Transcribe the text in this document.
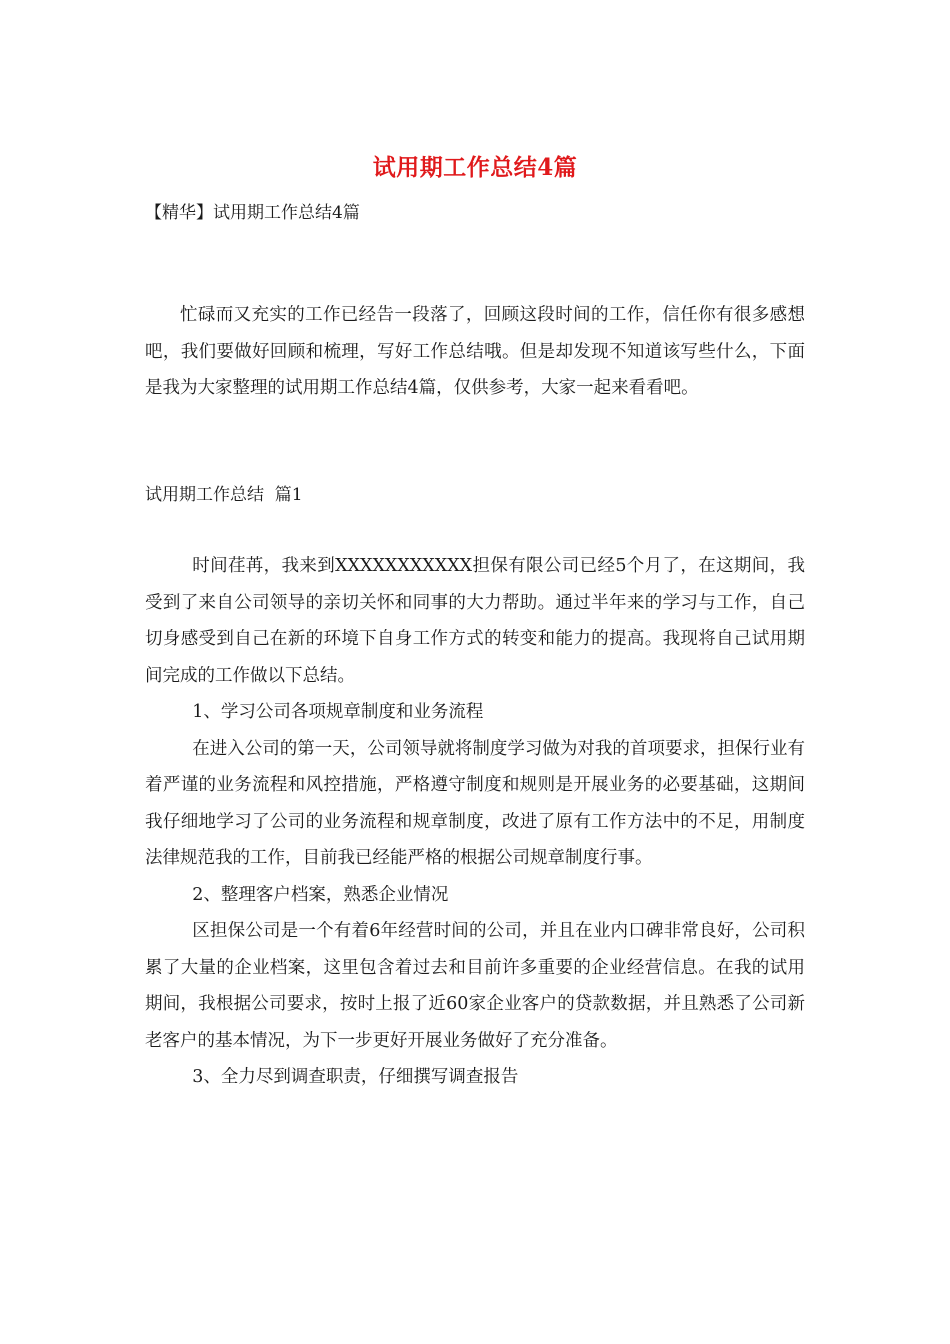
试用期工作总结4篇
【精华】试用期工作总结4篇

忙碌而又充实的工作已经告一段落了，回顾这段时间的工作，信任你有很多感想吧，我们要做好回顾和梳理，写好工作总结哦。但是却发现不知道该写些什么，下面是我为大家整理的试用期工作总结4篇，仅供参考，大家一起来看看吧。

试用期工作总结  篇1

时间荏苒，我来到XXXXXXXXXXX担保有限公司已经5个月了，在这期间，我受到了来自公司领导的亲切关怀和同事的大力帮助。通过半年来的学习与工作，自己切身感受到自己在新的环境下自身工作方式的转变和能力的提高。我现将自己试用期间完成的工作做以下总结。

1、学习公司各项规章制度和业务流程

在进入公司的第一天，公司领导就将制度学习做为对我的首项要求，担保行业有着严谨的业务流程和风控措施，严格遵守制度和规则是开展业务的必要基础，这期间我仔细地学习了公司的业务流程和规章制度，改进了原有工作方法中的不足，用制度法律规范我的工作，目前我已经能严格的根据公司规章制度行事。

2、整理客户档案，熟悉企业情况

区担保公司是一个有着6年经营时间的公司，并且在业内口碑非常良好，公司积累了大量的企业档案，这里包含着过去和目前许多重要的企业经营信息。在我的试用期间，我根据公司要求，按时上报了近60家企业客户的贷款数据，并且熟悉了公司新老客户的基本情况，为下一步更好开展业务做好了充分准备。

3、全力尽到调查职责，仔细撰写调查报告
